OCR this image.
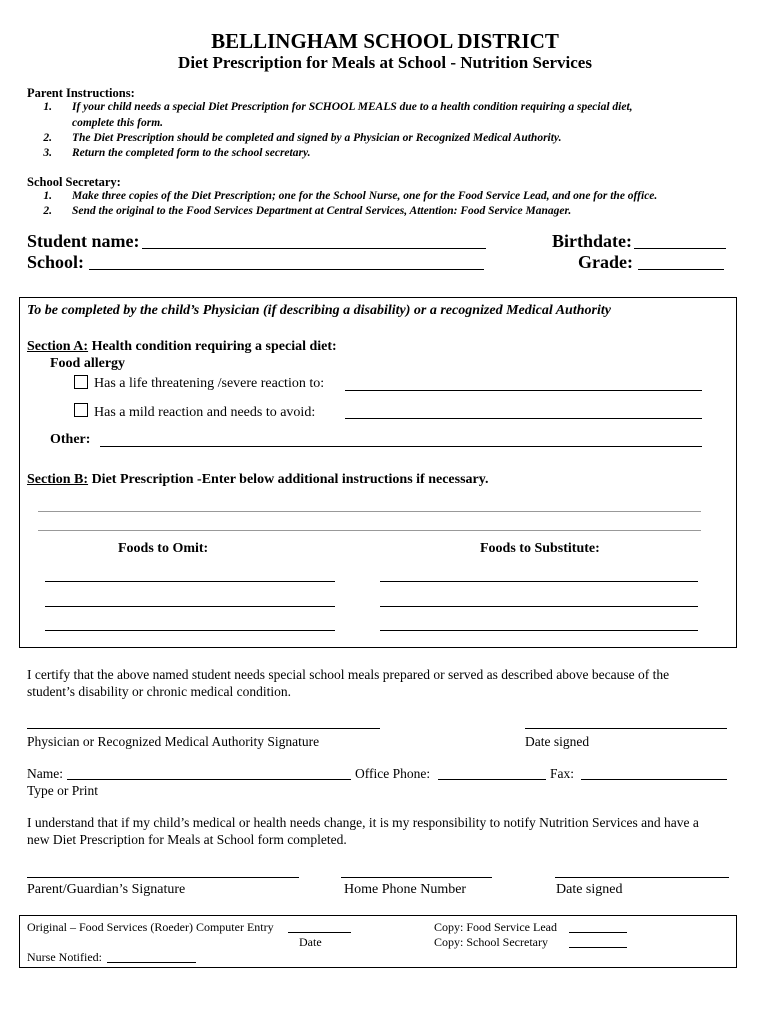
BELLINGHAM SCHOOL DISTRICT
Diet Prescription for Meals at School - Nutrition Services
Parent Instructions:
1. If your child needs a special Diet Prescription for SCHOOL MEALS due to a health condition requiring a special diet,
complete this form.
2. The Diet Prescription should be completed and signed by a Physician or Recognized Medical Authority.
3. Return the completed form to the school secretary.
School Secretary:
1. Make three copies of the Diet Prescription; one for the School Nurse, one for the Food Service Lead, and one for the office.
2. Send the original to the Food Services Department at Central Services, Attention: Food Service Manager.
Student name:
School:
Birthdate:
Grade:
To be completed by the child’s Physician (if describing a disability) or a recognized Medical Authority
Section A: Health condition requiring a special diet:
Food allergy
Has a life threatening /severe reaction to:
Has a mild reaction and needs to avoid:
Other:
Section B: Diet Prescription -Enter below additional instructions if necessary.
Foods to Omit:	Foods to Substitute:
I certify that the above named student needs special school meals prepared or served as described above because of the
student’s disability or chronic medical condition.
Physician or Recognized Medical Authority Signature	Date signed
Name:	Office Phone:	Fax:
Type or Print
I understand that if my child’s medical or health needs change, it is my responsibility to notify Nutrition Services and have a
new Diet Prescription for Meals at School form completed.
Parent/Guardian’s Signature	Home Phone Number	Date signed
Original – Food Services (Roeder) Computer Entry
Date
Copy: Food Service Lead
Copy: School Secretary
Nurse Notified:
